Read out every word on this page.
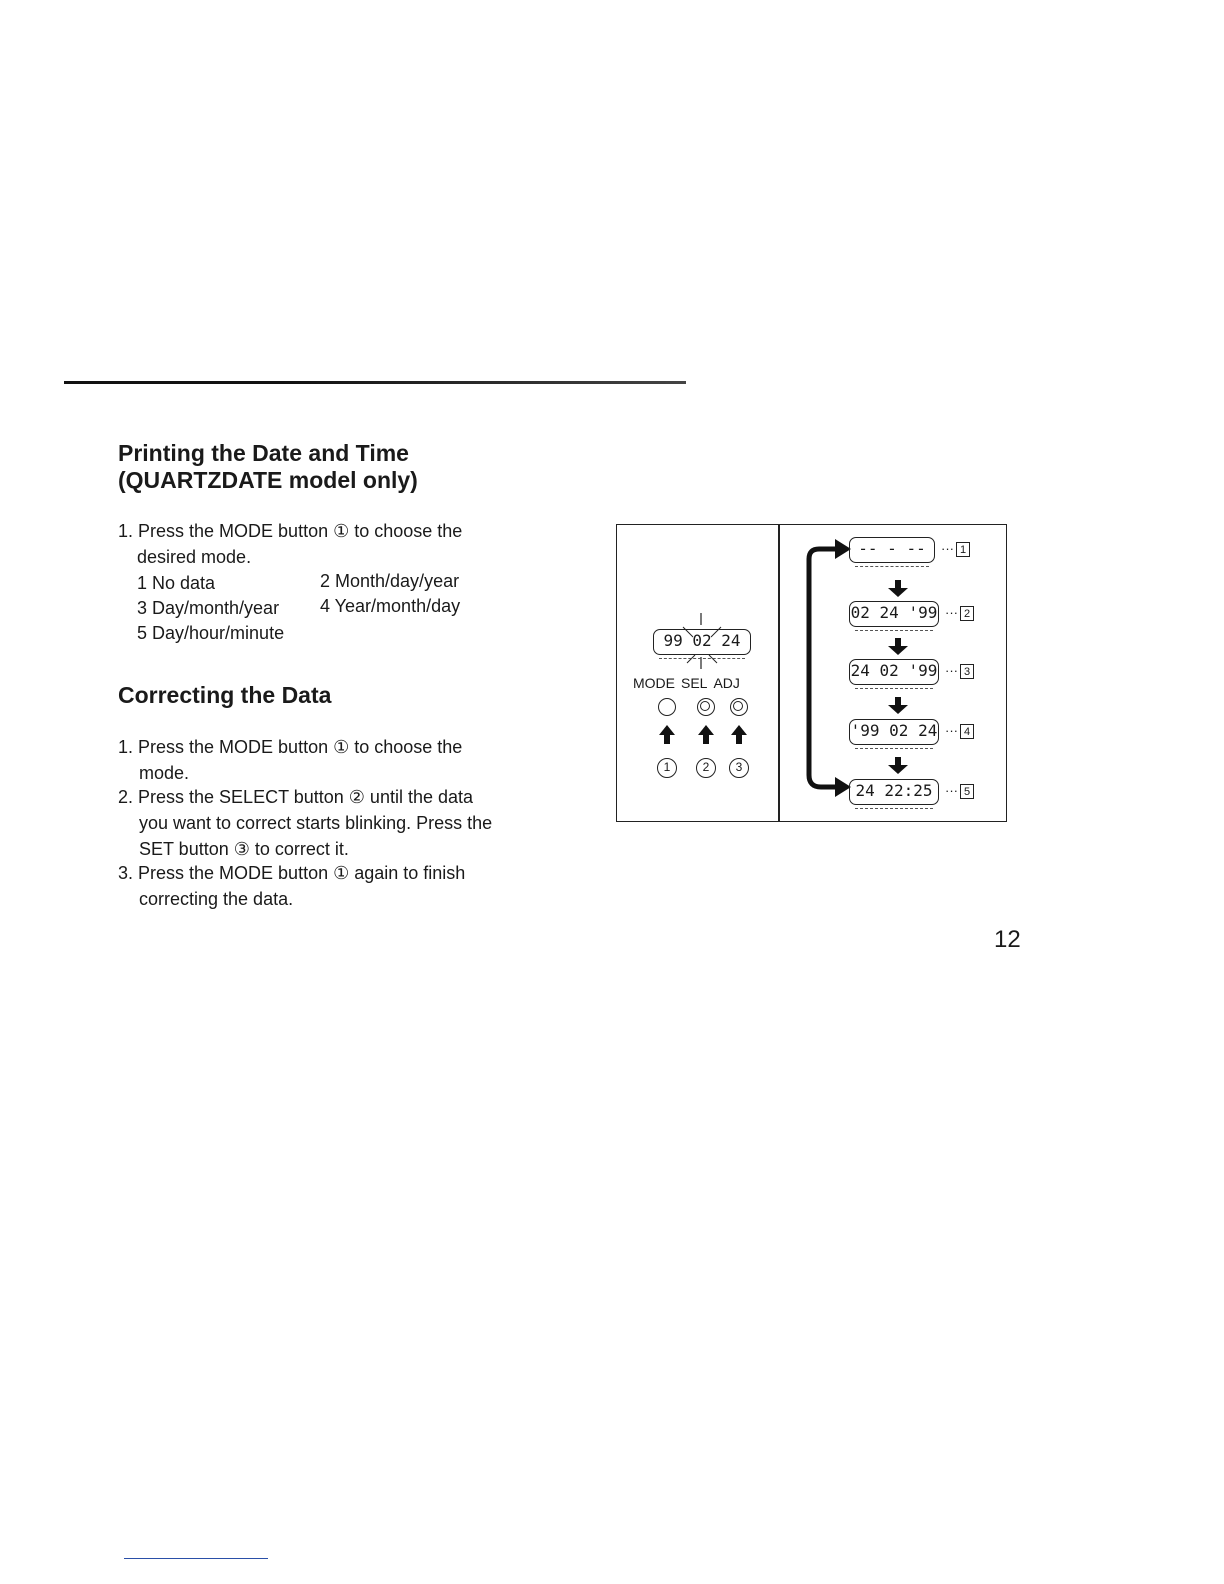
Printing the Date and Time
(QUARTZDATE model only)
1. Press the MODE button ① to choose the
desired mode.
1 No data	2 Month/day/year
3 Day/month/year 4 Year/month/day
5 Day/hour/minute
Correcting the Data
1. Press the MODE button ① to choose the
mode.
2. Press the SELECT button ② until the data
you want to correct starts blinking. Press the
SET button ③ to correct it.
3. Press the MODE button ① again to finish
correcting the data.
99 02 24
MODE SEL ADJ
1	2	3
-- - --	··· 1
02 24 '99 ··· 2
24 02 '99 ··· 3
'99 02 24 ··· 4
24 22:25 ··· 5
12
